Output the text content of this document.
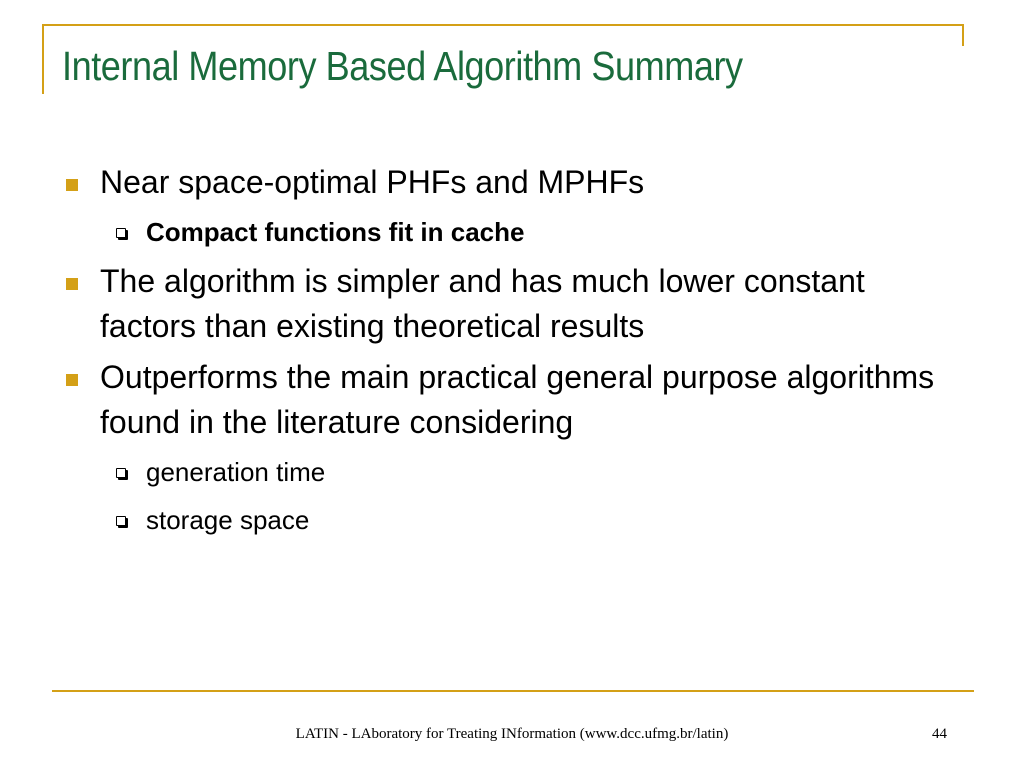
Internal Memory Based Algorithm Summary
Near space-optimal PHFs and MPHFs
Compact functions fit in cache
The algorithm is simpler and has much lower constant factors than existing theoretical results
Outperforms the main practical general purpose algorithms found in the literature considering
generation time
storage space
LATIN - LAboratory for Treating INformation (www.dcc.ufmg.br/latin)	44
